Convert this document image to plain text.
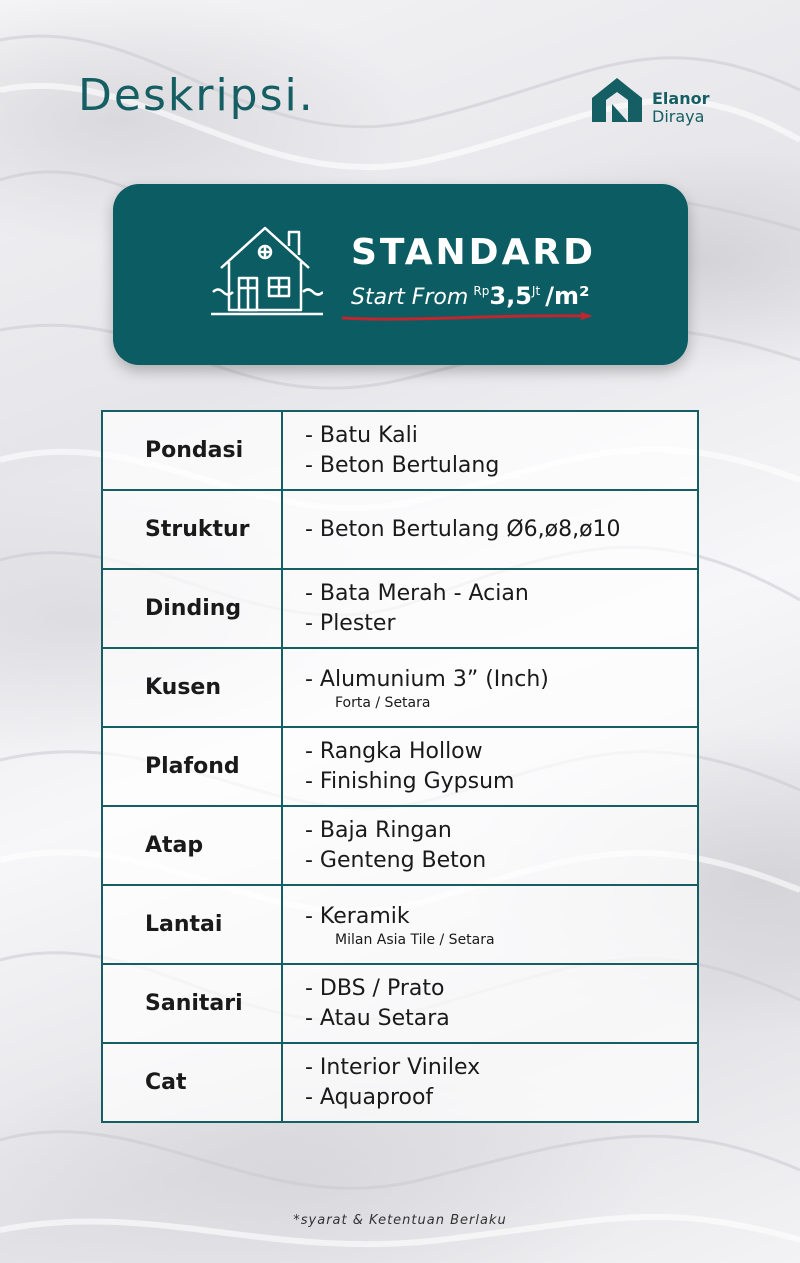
Deskripsi.	Elanor
Diraya
STANDARD
Start From $^{Rp}3,5^{Jt}$ /m²
Pondasi	- Batu Kali
- Beton Bertulang

Struktur	- Beton Bertulang Ø6,ø8,ø10

Dinding	- Bata Merah - Acian
- Plester

Kusen	- Alumunium 3” (Inch)
Forta / Setara

Plafond	- Rangka Hollow
- Finishing Gypsum

Atap	- Baja Ringan
- Genteng Beton

Lantai	- Keramik
Milan Asia Tile / Setara

Sanitari	- DBS / Prato
- Atau Setara

Cat	- Interior Vinilex
- Aquaproof
*syarat & Ketentuan Berlaku
